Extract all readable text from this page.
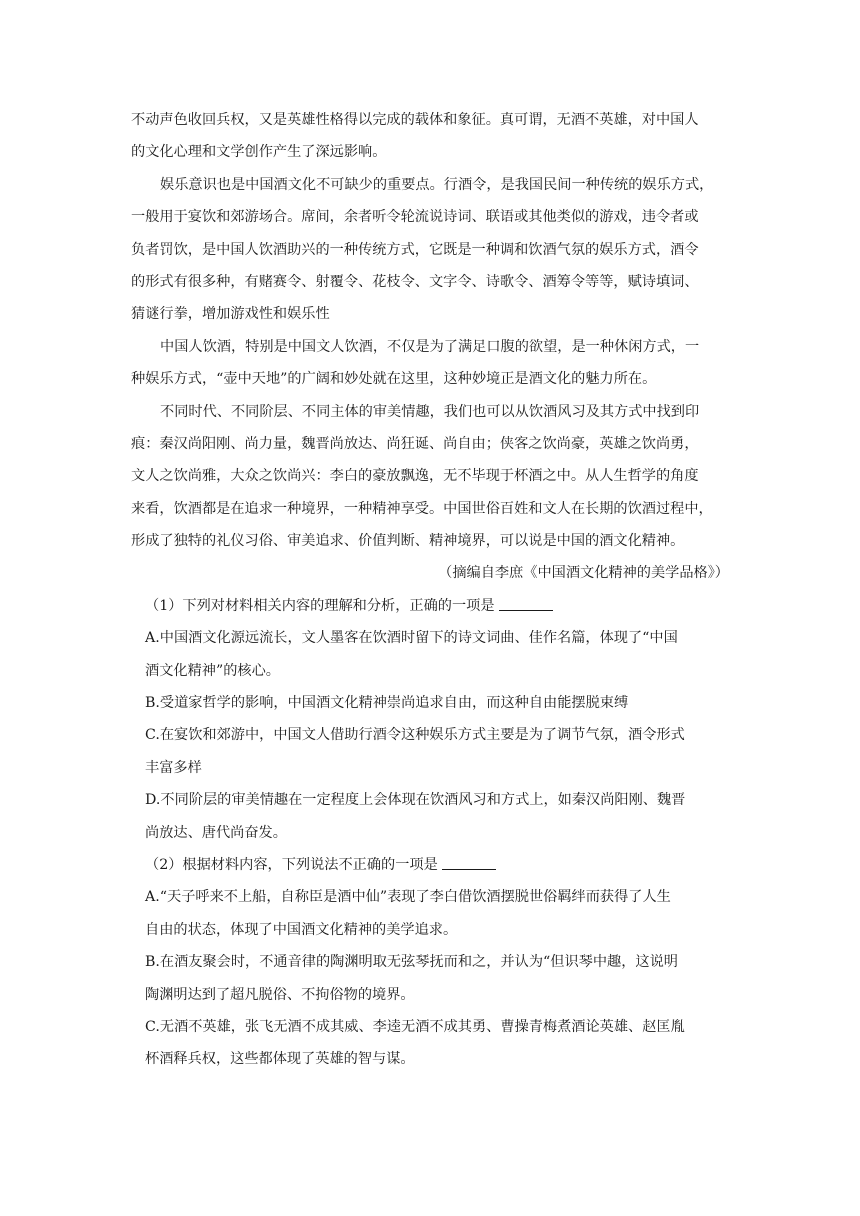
不动声色收回兵权，又是英雄性格得以完成的载体和象征。真可谓，无酒不英雄，对中国人
的文化心理和文学创作产生了深远影响。
娱乐意识也是中国酒文化不可缺少的重要点。行酒令，是我国民间一种传统的娱乐方式，
一般用于宴饮和郊游场合。席间，余者听令轮流说诗词、联语或其他类似的游戏，违令者或
负者罚饮，是中国人饮酒助兴的一种传统方式，它既是一种调和饮酒气氛的娱乐方式，酒令
的形式有很多种，有赌赛令、射覆令、花枝令、文字令、诗歌令、酒筹令等等，赋诗填词、
猜谜行拳，增加游戏性和娱乐性
中国人饮酒，特别是中国文人饮酒，不仅是为了满足口腹的欲望，是一种休闲方式，一
种娱乐方式，“壶中天地”的广阔和妙处就在这里，这种妙境正是酒文化的魅力所在。
不同时代、不同阶层、不同主体的审美情趣，我们也可以从饮酒风习及其方式中找到印
痕：秦汉尚阳刚、尚力量，魏晋尚放达、尚狂诞、尚自由；侠客之饮尚豪，英雄之饮尚勇，
文人之饮尚雅，大众之饮尚兴：李白的豪放飘逸，无不毕现于杯酒之中。从人生哲学的角度
来看，饮酒都是在追求一种境界，一种精神享受。中国世俗百姓和文人在长期的饮酒过程中，
形成了独特的礼仪习俗、审美追求、价值判断、精神境界，可以说是中国的酒文化精神。
（摘编自李庶《中国酒文化精神的美学品格》）
（1）下列对材料相关内容的理解和分析，正确的一项是
A.中国酒文化源远流长，文人墨客在饮酒时留下的诗文词曲、佳作名篇，体现了“中国
酒文化精神”的核心。
B.受道家哲学的影响，中国酒文化精神崇尚追求自由，而这种自由能摆脱束缚
C.在宴饮和郊游中，中国文人借助行酒令这种娱乐方式主要是为了调节气氛，酒令形式
丰富多样
D.不同阶层的审美情趣在一定程度上会体现在饮酒风习和方式上，如秦汉尚阳刚、魏晋
尚放达、唐代尚奋发。
（2）根据材料内容，下列说法不正确的一项是
A.“天子呼来不上船，自称臣是酒中仙”表现了李白借饮酒摆脱世俗羁绊而获得了人生
自由的状态，体现了中国酒文化精神的美学追求。
B.在酒友聚会时，不通音律的陶渊明取无弦琴抚而和之，并认为“但识琴中趣，这说明
陶渊明达到了超凡脱俗、不拘俗物的境界。
C.无酒不英雄，张飞无酒不成其威、李逵无酒不成其勇、曹操青梅煮酒论英雄、赵匡胤
杯酒释兵权，这些都体现了英雄的智与谋。
